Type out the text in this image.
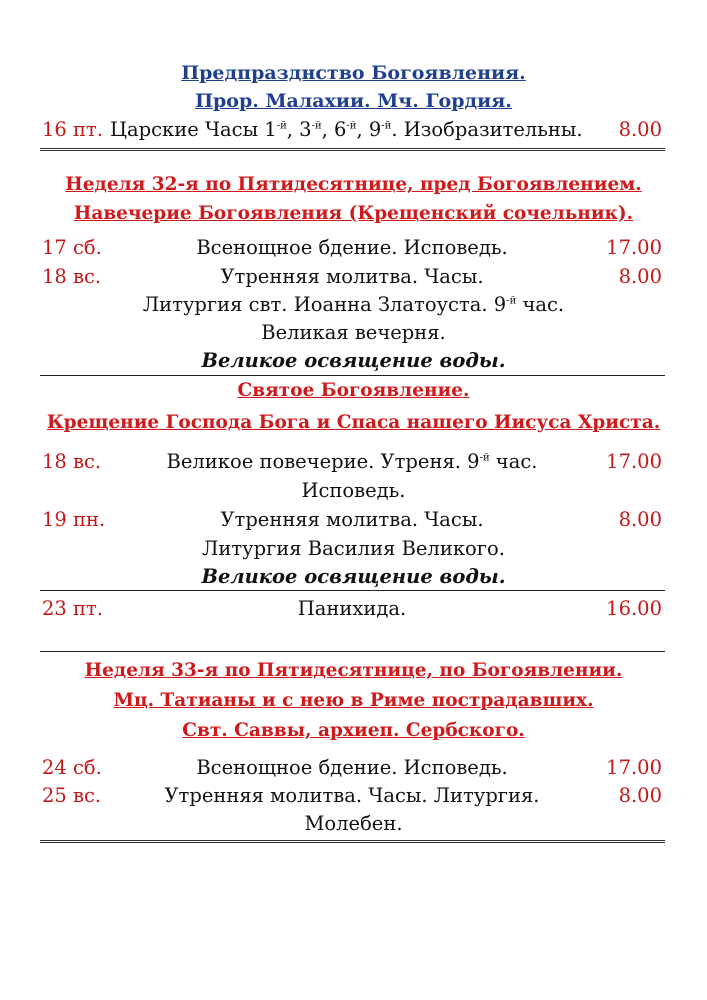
Предпразднство Богоявления.
Прор. Малахии. Мч. Гордия.
16 пт. Царские Часы $1^{-й}$, $3^{-й}$, $6^{-й}$, $9^{-й}$. Изобразительны. 8.00
Неделя 32-я по Пятидесятнице, пред Богоявлением.
Навечерие Богоявления (Крещенский сочельник).
17 сб.	Всенощное бдение. Исповедь.	17.00
18 вс.	Утренняя молитва. Часы.	8.00
Литургия свт. Иоанна Златоуста. $9^{-й}$ час.
Великая вечерня.
Великое освящение воды.
Святое Богоявление.
Крещение Господа Бога и Спаса нашего Иисуса Христа.
18 вс.	Великое повечерие. Утреня. $9^{-й}$ час.	17.00
Исповедь.
19 пн.	Утренняя молитва. Часы.	8.00
Литургия Василия Великого.
Великое освящение воды.
23 пт.	Панихида.	16.00
Неделя 33-я по Пятидесятнице, по Богоявлении.
Мц. Татианы и с нею в Риме пострадавших.
Свт. Саввы, архиеп. Сербского.
24 сб.	Всенощное бдение. Исповедь.	17.00
25 вс.	Утренняя молитва. Часы. Литургия.	8.00
Молебен.
